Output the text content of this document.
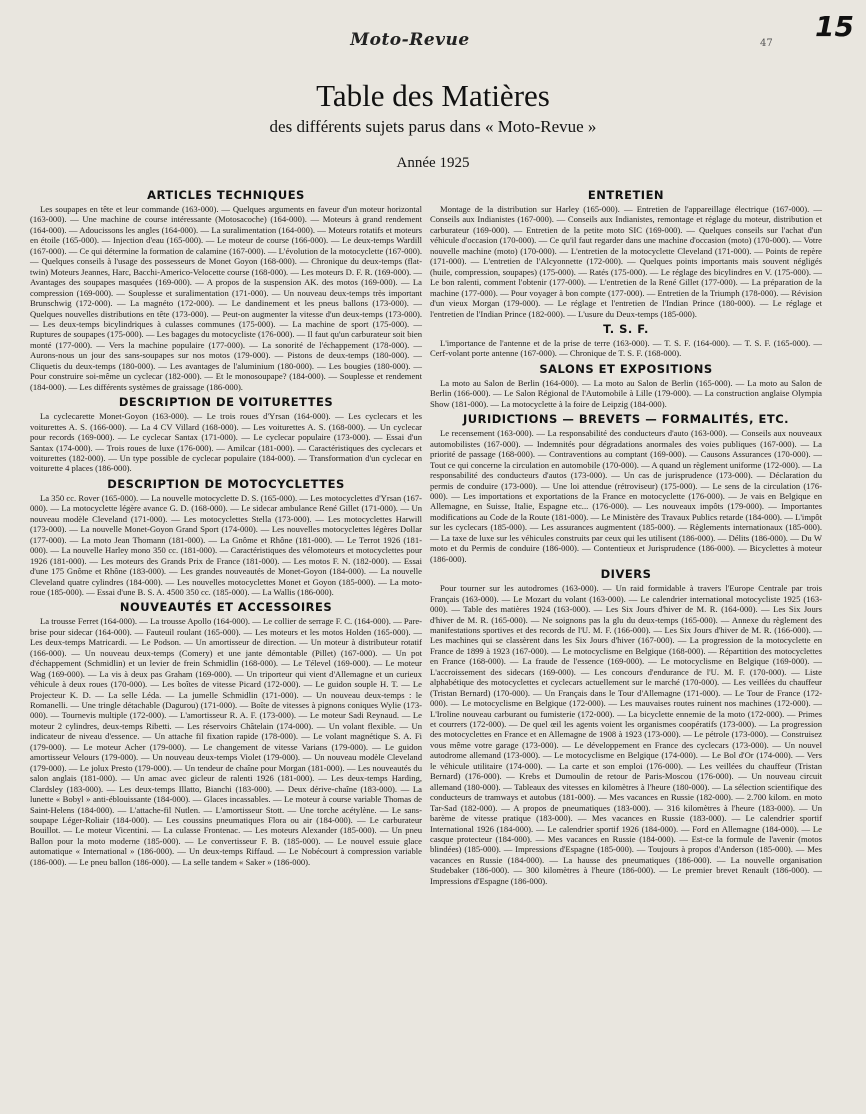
15
Moto-Revue	47
Table des Matières
des différents sujets parus dans « Moto-Revue »
Année 1925
ARTICLES TECHNIQUES

Les soupapes en tête et leur commande (163-000). — Quelques arguments en faveur d'un moteur horizontal (163-000). — Une machine de course intéressante (Motosacoche) (164-000). — Moteurs à grand rendement (164-000). — Adoucissons les angles (164-000). — La suralimentation (164-000). — Moteurs rotatifs et moteurs en étoile (165-000). — Injection d'eau (165-000). — Le moteur de course (166-000). — Le deux-temps Wardill (167-000). — Ce qui détermine la formation de calamine (167-000). — L'évolution de la motocyclette (167-000). — Quelques conseils à l'usage des possesseurs de Monet Goyon (168-000). — Chronique du deux-temps (flat-twin) Moteurs Jeannes, Harc, Bacchi-Americo-Velocette course (168-000). — Les moteurs D. F. R. (169-000). — Avantages des soupapes masquées (169-000). — A propos de la suspension AK. des motos (169-000). — La compression (169-000). — Souplesse et suralimentation (171-000). — Un nouveau deux-temps très important Brunschwig (172-000). — La magnéto (172-000). — Le dandinement et les pneus ballons (173-000). — Quelques nouvelles distributions en tête (173-000). — Peut-on augmenter la vitesse d'un deux-temps (173-000). — Les deux-temps bicylindriques à culasses communes (175-000). — La machine de sport (175-000). — Ruptures de soupapes (175-000). — Les bagages du motocycliste (176-000). — Il faut qu'un carburateur soit bien monté (177-000). — Vers la machine populaire (177-000). — La sonorité de l'échappement (178-000). — Aurons-nous un jour des sans-soupapes sur nos motos (179-000). — Pistons de deux-temps (180-000). — Cliquetis du deux-temps (180-000). — Les avantages de l'aluminium (180-000). — Les bougies (180-000). — Pour construire soi-même un cyclecar (182-000). — Et le monosoupape? (184-000). — Souplesse et rendement (184-000). — Les différents systèmes de graissage (186-000).

DESCRIPTION DE VOITURETTES

La cyclecarette Monet-Goyon (163-000). — Le trois roues d'Yrsan (164-000). — Les cyclecars et les voiturettes A. S. (166-000). — La 4 CV Villard (168-000). — Les voiturettes A. S. (168-000). — Un cyclecar pour records (169-000). — Le cyclecar Santax (171-000). — Le cyclecar populaire (173-000). — Essai d'un Santax (174-000). — Trois roues de luxe (176-000). — Amilcar (181-000). — Caractéristiques des cyclecars et voiturettes (182-000). — Un type possible de cyclecar populaire (184-000). — Transformation d'un cyclecar en voiturette 4 places (186-000).

DESCRIPTION DE MOTOCYCLETTES

La 350 cc. Rover (165-000). — La nouvelle motocyclette D. S. (165-000). — Les motocyclettes d'Yrsan (167-000). — La motocyclette légère avance G. D. (168-000). — Le sidecar ambulance René Gillet (171-000). — Un nouveau modèle Cleveland (171-000). — Les motocyclettes Stella (173-000). — Les motocyclettes Harwill (173-000). — La nouvelle Monet-Goyon Grand Sport (174-000). — Les nouvelles motocyclettes légères Dollar (177-000). — La moto Jean Thomann (181-000). — La Gnôme et Rhône (181-000). — Le Terrot 1926 (181-000). — La nouvelle Harley mono 350 cc. (181-000). — Caractéristiques des vélomoteurs et motocyclettes pour 1926 (181-000). — Les moteurs des Grands Prix de France (181-000). — Les motos F. N. (182-000). — Essai d'une 175 Gnôme et Rhône (183-000). — Les grandes nouveautés de Monet-Goyon (184-000). — La nouvelle Cleveland quatre cylindres (184-000). — Les nouvelles motocyclettes Monet et Goyon (185-000). — La moto-roue (185-000). — Essai d'une B. S. A. 4500 350 cc. (185-000). — La Wallis (186-000).

NOUVEAUTÉS ET ACCESSOIRES

La trousse Ferret (164-000). — La trousse Apollo (164-000). — Le collier de serrage F. C. (164-000). — Pare-brise pour sidecar (164-000). — Fauteuil roulant (165-000). — Les moteurs et les motos Holden (165-000). — Les deux-temps Matricardi. — Le Podson. — Un amortisseur de direction. — Un moteur à distributeur rotatif (166-000). — Un nouveau deux-temps (Comery) et une jante démontable (Pillet) (167-000). — Un pot d'échappement (Schmidlin) et un levier de frein Schmidlin (168-000). — Le Télevel (169-000). — Le moteur Wag (169-000). — La vis à deux pas Graham (169-000). — Un triporteur qui vient d'Allemagne et un curieux véhicule à deux roues (170-000). — Les boîtes de vitesse Picard (172-000). — Le guidon souple H. T. — Le Projecteur K. D. — La selle Léda. — La jumelle Schmidlin (171-000). — Un nouveau deux-temps : le Romanelli. — Une tringle détachable (Dagurou) (171-000). — Boîte de vitesses à pignons coniques Wylie (173-000). — Tournevis multiple (172-000). — L'amortisseur R. A. F. (173-000). — Le moteur Sadi Reynaud. — Le moteur 2 cylindres, deux-temps Ribetti. — Les réservoirs Châtelain (174-000). — Un volant flexible. — Un indicateur de niveau d'essence. — Un attache fil fixation rapide (178-000). — Le volant magnétique S. A. Fi (179-000). — Le moteur Acher (179-000). — Le changement de vitesse Varians (179-000). — Le guidon amortisseur Velours (179-000). — Un nouveau deux-temps Violet (179-000). — Un nouveau modèle Cleveland (179-000). — Le jolux Presto (179-000). — Un tendeur de chaîne pour Morgan (181-000). — Les nouveautés du salon anglais (181-000). — Un amac avec gicleur de ralenti 1926 (181-000). — Les deux-temps Harding, Clardsley (183-000). — Les deux-temps Illatto, Bianchi (183-000). — Deux dérive-chaîne (183-000). — La lunette « Bobyl » anti-éblouissante (184-000). — Glaces incassables. — Le moteur à course variable Thomas de Saint-Helens (184-000). — L'attache-fil Nutlen. — L'amortisseur Stott. — Une torche acétylène. — Le sans-soupape Léger-Roliair (184-000). — Les coussins pneumatiques Flora ou air (184-000). — Le carburateur Bouillot. — Le moteur Vicentini. — La culasse Frontenac. — Les moteurs Alexander (185-000). — Un pneu Ballon pour la moto moderne (185-000). — Le convertisseur F. B. (185-000). — Le nouvel essuie glace automatique « International » (186-000). — Un deux-temps Riffaud. — Le Nobécourt à compression variable (186-000). — Le pneu ballon (186-000). — La selle tandem « Saker » (186-000).

ENTRETIEN

Montage de la distribution sur Harley (165-000). — Entretien de l'appareillage électrique (167-000). — Conseils aux Indianistes (167-000). — Conseils aux Indianistes, remontage et réglage du moteur, distribution et carburateur (169-000). — Entretien de la petite moto SIC (169-000). — Quelques conseils sur l'achat d'un véhicule d'occasion (170-000). — Ce qu'il faut regarder dans une machine d'occasion (moto) (170-000). — Votre nouvelle machine (moto) (170-000). — L'entretien de la motocyclette Cleveland (171-000). — Points de repère (171-000). — L'entretien de l'Alcyonnette (172-000). — Quelques points importants mais souvent négligés (huile, compression, soupapes) (175-000). — Ratés (175-000). — Le réglage des bicylindres en V. (175-000). — Le bon ralenti, comment l'obtenir (177-000). — L'entretien de la René Gillet (177-000). — La préparation de la machine (177-000). — Pour voyager à bon compte (177-000). — Entretien de la Triumph (178-000). — Révision d'un vieux Morgan (179-000). — Le réglage et l'entretien de l'Indian Prince (180-000). — Le réglage et l'entretien de l'Indian Prince (182-000). — L'usure du Deux-temps (185-000).

T. S. F.

L'importance de l'antenne et de la prise de terre (163-000). — T. S. F. (164-000). — T. S. F. (165-000). — Cerf-volant porte antenne (167-000). — Chronique de T. S. F. (168-000).

SALONS ET EXPOSITIONS

La moto au Salon de Berlin (164-000). — La moto au Salon de Berlin (165-000). — La moto au Salon de Berlin (166-000). — Le Salon Régional de l'Automobile à Lille (179-000). — La construction anglaise Olympia Show (181-000). — La motocyclette à la foire de Leipzig (184-000).

JURIDICTIONS — BREVETS — FORMALITÉS, ETC.

Le recensement (163-000). — La responsabilité des conducteurs d'auto (163-000). — Conseils aux nouveaux automobilistes (167-000). — Indemnités pour dégradations anormales des voies publiques (167-000). — La priorité de passage (168-000). — Contraventions au comptant (169-000). — Causons Assurances (170-000). — Tout ce qui concerne la circulation en automobile (170-000). — A quand un règlement uniforme (172-000). — La responsabilité des conducteurs d'autos (173-000). — Un cas de jurisprudence (173-000). — Déclaration du permis de conduire (173-000). — Une loi attendue (rétroviseur) (175-000). — Le sens de la circulation (176-000). — Les importations et exportations de la France en motocyclette (176-000). — Je vais en Belgique en Allemagne, en Suisse, Italie, Espagne etc... (176-000). — Les nouveaux impôts (179-000). — Importantes modifications au Code de la Route (181-000). — Le Ministère des Travaux Publics retarde (184-000). — L'impôt sur les cyclecars (185-000). — Les assurances augmentent (185-000). — Règlements internationaux (185-000). — La taxe de luxe sur les véhicules construits par ceux qui les utilisent (186-000). — Délits (186-000). — Du W moto et du Permis de conduire (186-000). — Contentieux et Jurisprudence (186-000). — Bicyclettes à moteur (186-000).

DIVERS

Pour tourner sur les autodromes (163-000). — Un raid formidable à travers l'Europe Centrale par trois Français (163-000). — Le Mozart du volant (163-000). — Le calendrier international motocycliste 1925 (163-000). — Table des matières 1924 (163-000). — Les Six Jours d'hiver de M. R. (164-000). — Les Six Jours d'hiver de M. R. (165-000). — Ne soignons pas la glu du deux-temps (165-000). — Annexe du règlement des manifestations sportives et des records de l'U. M. F. (166-000). — Les Six Jours d'hiver de M. R. (166-000). — Les machines qui se classèrent dans les Six Jours d'hiver (167-000). — La progression de la motocyclette en France de 1899 à 1923 (167-000). — Le motocyclisme en Belgique (168-000). — Répartition des motocyclettes en France (168-000). — La fraude de l'essence (169-000). — Le motocyclisme en Belgique (169-000). — L'accroissement des sidecars (169-000). — Les concours d'endurance de l'U. M. F. (170-000). — Liste alphabétique des motocyclettes et cyclecars actuellement sur le marché (170-000). — Les veillées du chauffeur (Tristan Bernard) (170-000). — Un Français dans le Tour d'Allemagne (171-000). — Le Tour de France (172-000). — Le motocyclisme en Belgique (172-000). — Les mauvaises routes ruinent nos machines (172-000). — L'Iroline nouveau carburant ou fumisterie (172-000). — La bicyclette ennemie de la moto (172-000). — Primes et courrers (172-000). — De quel œil les agents voient les organismes coopératifs (173-000). — La progression des motocyclettes en France et en Allemagne de 1908 à 1923 (173-000). — Le pétrole (173-000). — Construisez vous même votre garage (173-000). — Le développement en France des cyclecars (173-000). — Un nouvel autodrome allemand (173-000). — Le motocyclisme en Belgique (174-000). — Le Bol d'Or (174-000). — Vers le véhicule utilitaire (174-000). — La carte et son emploi (176-000). — Les veillées du chauffeur (Tristan Bernard) (176-000). — Krebs et Dumoulin de retour de Paris-Moscou (176-000). — Un nouveau circuit allemand (180-000). — Tableaux des vitesses en kilomètres à l'heure (180-000). — La sélection scientifique des conducteurs de tramways et autobus (181-000). — Mes vacances en Russie (182-000). — 2.700 kilom. en moto Tar-Sad (182-000). — A propos de pneumatiques (183-000). — 316 kilomètres à l'heure (183-000). — Un barème de vitesse pratique (183-000). — Mes vacances en Russie (183-000). — Le calendrier sportif International 1926 (184-000). — Le calendrier sportif 1926 (184-000). — Ford en Allemagne (184-000). — Le casque protecteur (184-000). — Mes vacances en Russie (184-000). — Est-ce la formule de l'avenir (motos blindées) (185-000). — Impressions d'Espagne (185-000). — Toujours à propos d'Anderson (185-000). — Mes vacances en Russie (184-000). — La hausse des pneumatiques (186-000). — La nouvelle organisation Studebaker (186-000). — 300 kilomètres à l'heure (186-000). — Le premier brevet Renault (186-000). — Impressions d'Espagne (186-000).
